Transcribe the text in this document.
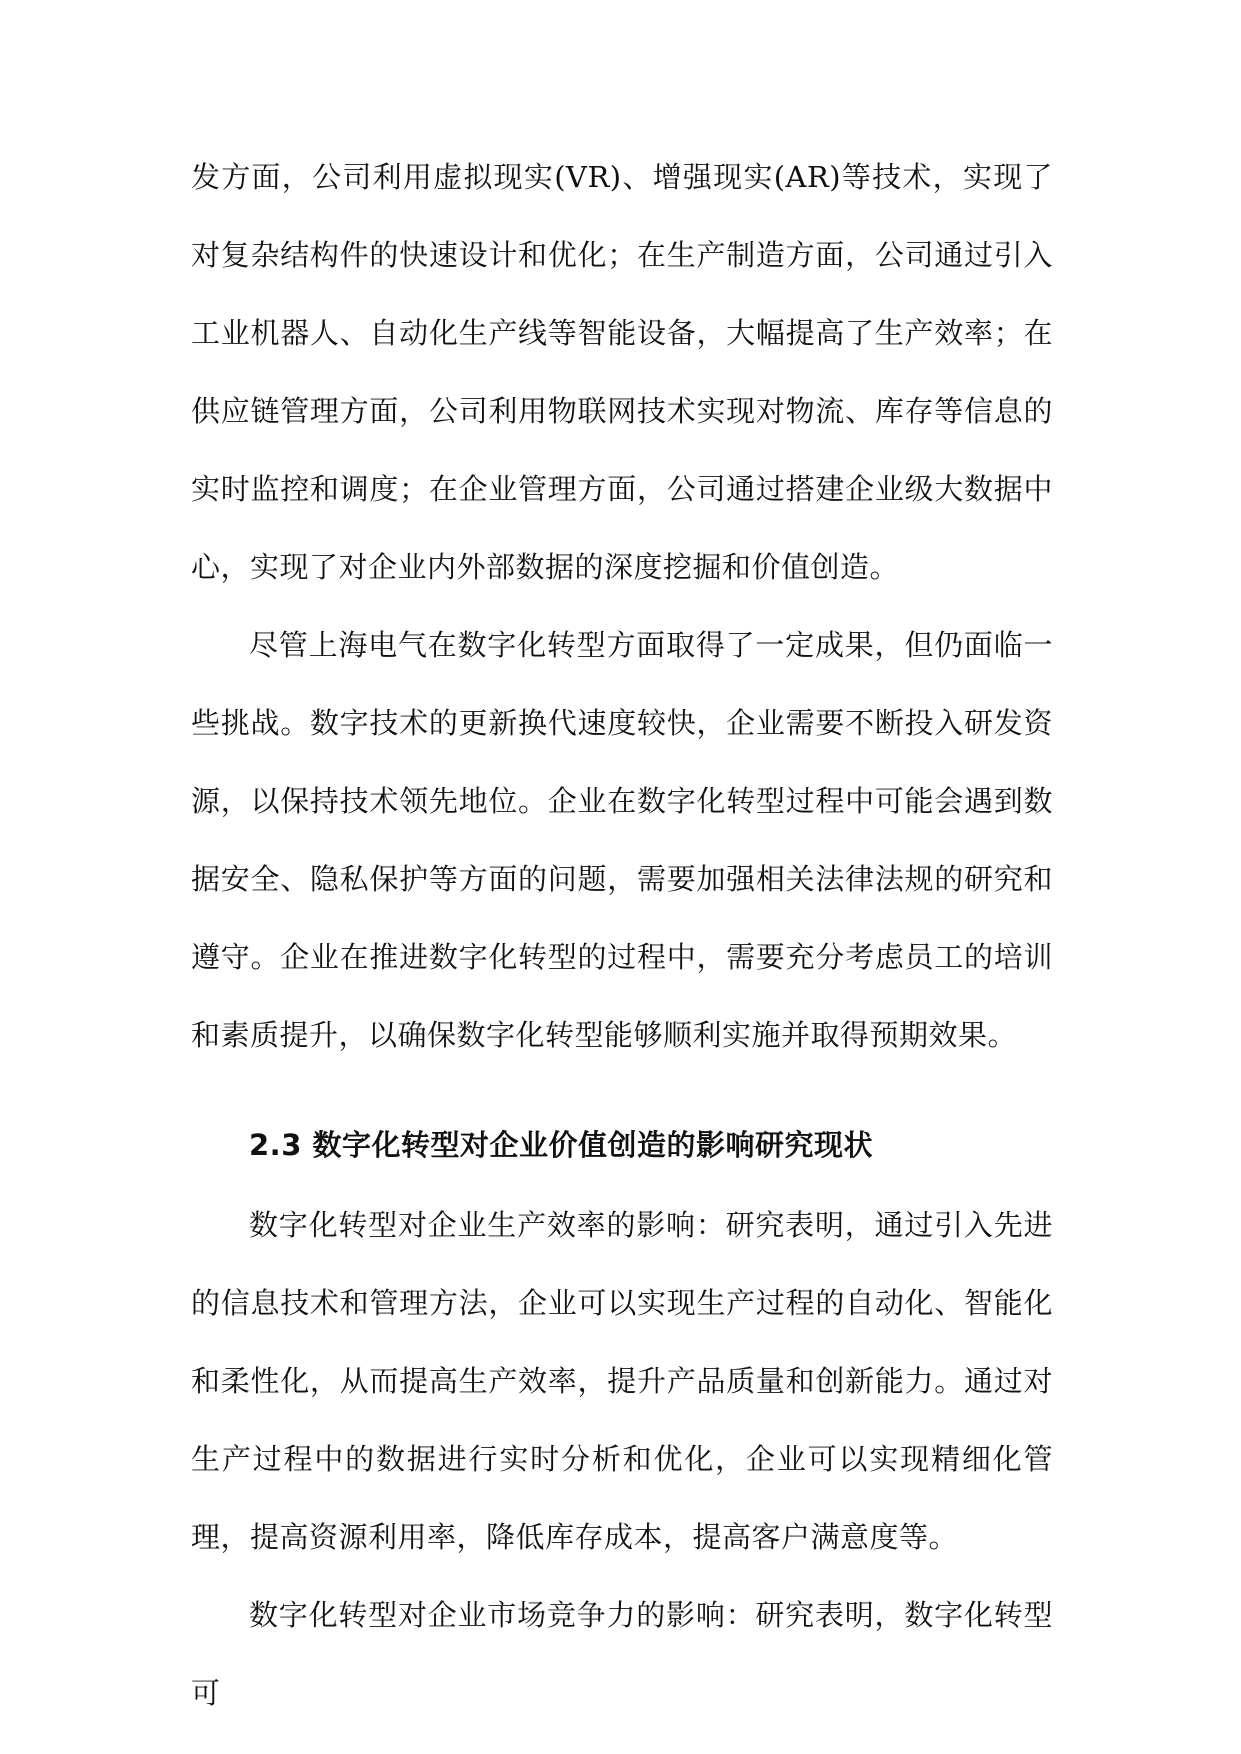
发方面，公司利用虚拟现实(VR)、增强现实(AR)等技术，实现了对复杂结构件的快速设计和优化；在生产制造方面，公司通过引入工业机器人、自动化生产线等智能设备，大幅提高了生产效率；在供应链管理方面，公司利用物联网技术实现对物流、库存等信息的实时监控和调度；在企业管理方面，公司通过搭建企业级大数据中心，实现了对企业内外部数据的深度挖掘和价值创造。

尽管上海电气在数字化转型方面取得了一定成果，但仍面临一些挑战。数字技术的更新换代速度较快，企业需要不断投入研发资源，以保持技术领先地位。企业在数字化转型过程中可能会遇到数据安全、隐私保护等方面的问题，需要加强相关法律法规的研究和遵守。企业在推进数字化转型的过程中，需要充分考虑员工的培训和素质提升，以确保数字化转型能够顺利实施并取得预期效果。

2.3 数字化转型对企业价值创造的影响研究现状

数字化转型对企业生产效率的影响：研究表明，通过引入先进的信息技术和管理方法，企业可以实现生产过程的自动化、智能化和柔性化，从而提高生产效率，提升产品质量和创新能力。通过对生产过程中的数据进行实时分析和优化，企业可以实现精细化管理，提高资源利用率，降低库存成本，提高客户满意度等。

数字化转型对企业市场竞争力的影响：研究表明，数字化转型可
